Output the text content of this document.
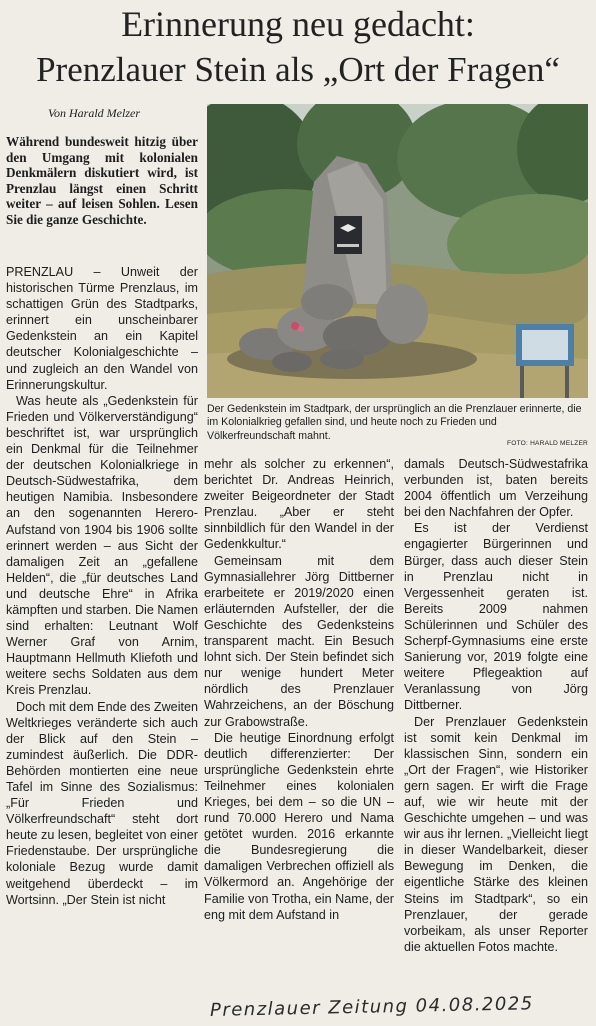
Erinnerung neu gedacht:
Prenzlauer Stein als „Ort der Fragen“
Von Harald Melzer
Während bundesweit hitzig über den Umgang mit kolonialen Denkmälern diskutiert wird, ist Prenzlau längst einen Schritt weiter – auf leisen Sohlen. Lesen Sie die ganze Geschichte.
Der Gedenkstein im Stadtpark, der ursprünglich an die Prenzlauer erinnerte, die im Kolonialkrieg gefallen sind, und heute noch zu Frieden und Völkerfreundschaft mahnt.
FOTO: HARALD MELZER

PRENZLAU – Unweit der historischen Türme Prenzlaus, im schattigen Grün des Stadtparks, erinnert ein unscheinbarer Gedenkstein an ein Kapitel deutscher Kolonialgeschichte – und zugleich an den Wandel von Erinnerungskultur.

Was heute als „Gedenkstein für Frieden und Völkerverständigung“ beschriftet ist, war ursprünglich ein Denkmal für die Teilnehmer der deutschen Kolonialkriege in Deutsch-Südwestafrika, dem heutigen Namibia. Insbesondere an den sogenannten Herero-Aufstand von 1904 bis 1906 sollte erinnert werden – aus Sicht der damaligen Zeit an „gefallene Helden“, die „für deutsches Land und deutsche Ehre“ in Afrika kämpften und starben. Die Namen sind erhalten: Leutnant Wolf Werner Graf von Arnim, Hauptmann Hellmuth Kliefoth und weitere sechs Soldaten aus dem Kreis Prenzlau.

Doch mit dem Ende des Zweiten Weltkrieges veränderte sich auch der Blick auf den Stein – zumindest äußerlich. Die DDR-Behörden montierten eine neue Tafel im Sinne des Sozialismus: „Für Frieden und Völkerfreundschaft“ steht dort heute zu lesen, begleitet von einer Friedenstaube. Der ursprüngliche koloniale Bezug wurde damit weitgehend überdeckt – im Wortsinn. „Der Stein ist nicht

mehr als solcher zu erkennen“, berichtet Dr. Andreas Heinrich, zweiter Beigeordneter der Stadt Prenzlau. „Aber er steht sinnbildlich für den Wandel in der Gedenkkultur.“

Gemeinsam mit dem Gymnasiallehrer Jörg Dittberner erarbeitete er 2019/2020 einen erläuternden Aufsteller, der die Geschichte des Gedenksteins transparent macht. Ein Besuch lohnt sich. Der Stein befindet sich nur wenige hundert Meter nördlich des Prenzlauer Wahrzeichens, an der Böschung zur Grabowstraße.

Die heutige Einordnung erfolgt deutlich differenzierter: Der ursprüngliche Gedenkstein ehrte Teilnehmer eines kolonialen Krieges, bei dem – so die UN – rund 70.000 Herero und Nama getötet wurden. 2016 erkannte die Bundesregierung die damaligen Verbrechen offiziell als Völkermord an. Angehörige der Familie von Trotha, ein Name, der eng mit dem Aufstand in

damals Deutsch-Südwestafrika verbunden ist, baten bereits 2004 öffentlich um Verzeihung bei den Nachfahren der Opfer.

Es ist der Verdienst engagierter Bürgerinnen und Bürger, dass auch dieser Stein in Prenzlau nicht in Vergessenheit geraten ist. Bereits 2009 nahmen Schülerinnen und Schüler des Scherpf-Gymnasiums eine erste Sanierung vor, 2019 folgte eine weitere Pflegeaktion auf Veranlassung von Jörg Dittberner.

Der Prenzlauer Gedenkstein ist somit kein Denkmal im klassischen Sinn, sondern ein „Ort der Fragen“, wie Historiker gern sagen. Er wirft die Frage auf, wie wir heute mit der Geschichte umgehen – und was wir aus ihr lernen. „Vielleicht liegt in dieser Wandelbarkeit, dieser Bewegung im Denken, die eigentliche Stärke des kleinen Steins im Stadtpark“, so ein Prenzlauer, der gerade vorbeikam, als unser Reporter die aktuellen Fotos machte.

Prenzlauer Zeitung 04.08.2025
